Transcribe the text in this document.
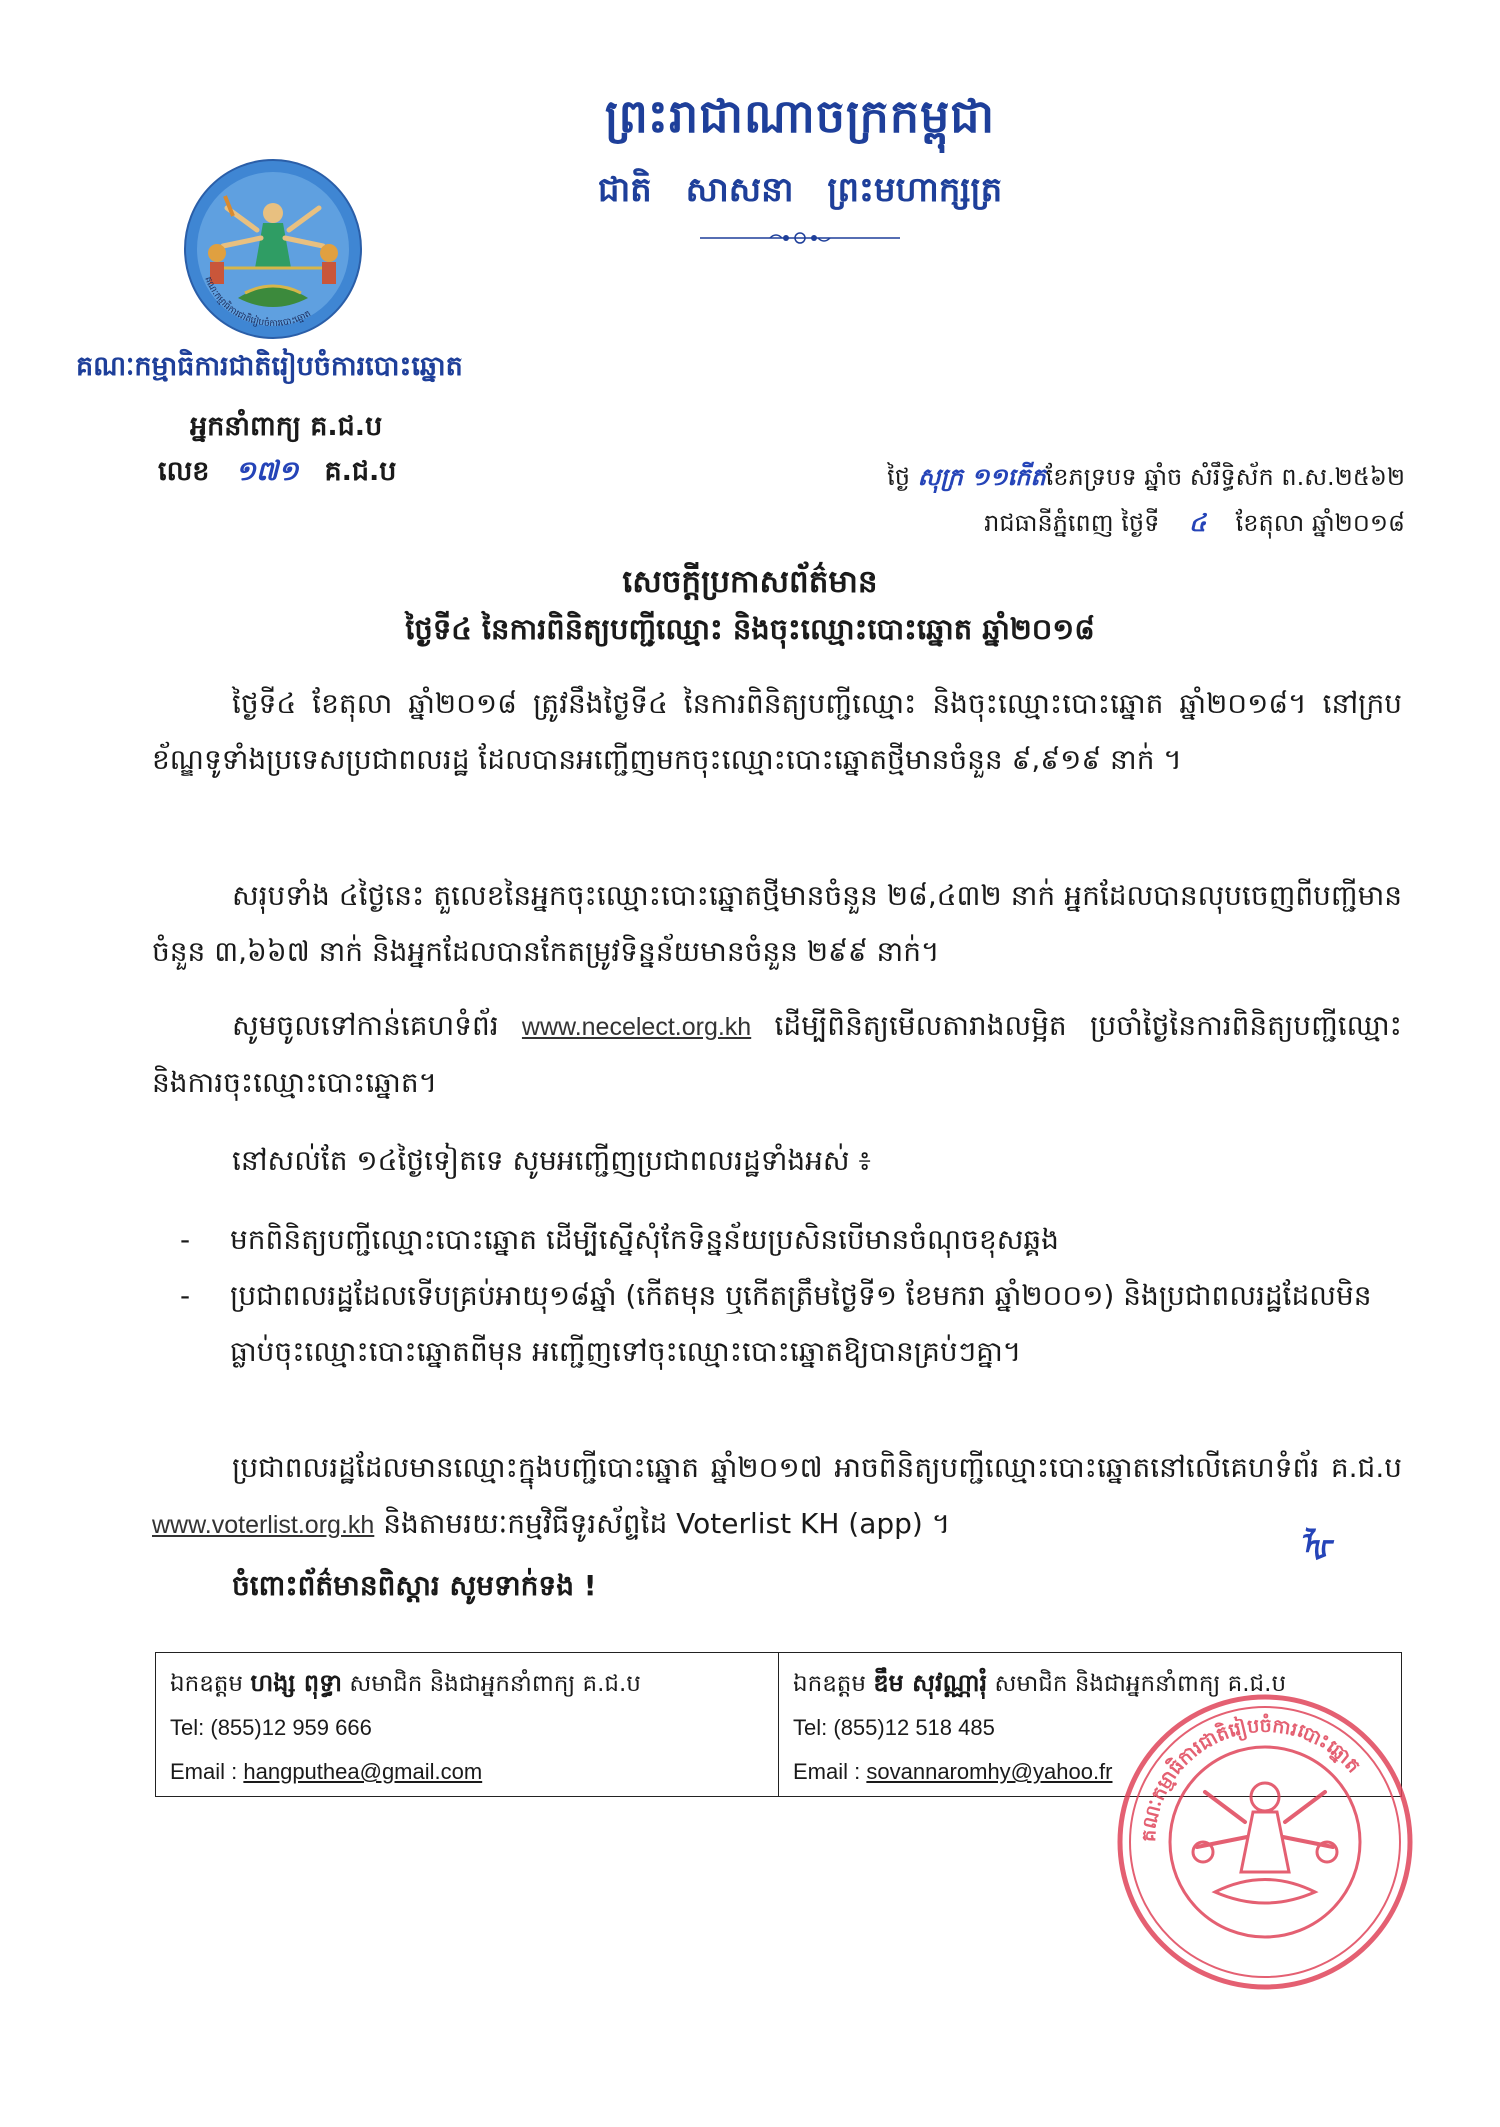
ព្រះរាជាណាចក្រកម្ពុជា
ជាតិ សាសនា ព្រះមហាក្សត្រ
គណៈកម្មាធិការជាតិរៀបចំការបោះឆ្នោត
គណៈកម្មាធិការជាតិរៀបចំការបោះឆ្នោត
អ្នកនាំពាក្យ គ.ជ.ប
លេខ ១៧១ គ.ជ.ប	ថ្ងៃ សុក្រ ១១កើតខែភទ្របទ ឆ្នាំច សំរឹទ្ធិស័ក ព.ស.២៥៦២
រាជធានីភ្នំពេញ ថ្ងៃទី ៤ ខែតុលា ឆ្នាំ២០១៨
សេចក្តីប្រកាសព័ត៌មាន
ថ្ងៃទី៤ នៃការពិនិត្យបញ្ជីឈ្មោះ និងចុះឈ្មោះបោះឆ្នោត ឆ្នាំ២០១៨

ថ្ងៃទី៤ ខែតុលា ឆ្នាំ២០១៨ ត្រូវនឹងថ្ងៃទី៤ នៃការពិនិត្យបញ្ជីឈ្មោះ និងចុះឈ្មោះបោះឆ្នោត ឆ្នាំ២០១៨។ នៅក្របខ័ណ្ឌទូទាំងប្រទេសប្រជាពលរដ្ឋ ដែលបានអញ្ជើញមកចុះឈ្មោះបោះឆ្នោតថ្មីមានចំនួន ៩,៩១៩ នាក់ ។

សរុបទាំង ៤ថ្ងៃនេះ តួលេខនៃអ្នកចុះឈ្មោះបោះឆ្នោតថ្មីមានចំនួន ២៨,៤៣២ នាក់ អ្នកដែលបានលុបចេញពីបញ្ជីមានចំនួន ៣,៦៦៧ នាក់ និងអ្នកដែលបានកែតម្រូវទិន្នន័យមានចំនួន ២៩៩ នាក់។

សូមចូលទៅកាន់គេហទំព័រ www.necelect.org.kh ដើម្បីពិនិត្យមើលតារាងលម្អិត ប្រចាំថ្ងៃនៃការពិនិត្យបញ្ជីឈ្មោះ និងការចុះឈ្មោះបោះឆ្នោត។

នៅសល់តែ ១៤ថ្ងៃទៀតទេ សូមអញ្ជើញប្រជាពលរដ្ឋទាំងអស់ ៖

- មកពិនិត្យបញ្ជីឈ្មោះបោះឆ្នោត ដើម្បីស្នើសុំកែទិន្នន័យប្រសិនបើមានចំណុចខុសឆ្គង
- ប្រជាពលរដ្ឋដែលទើបគ្រប់អាយុ១៨ឆ្នាំ (កើតមុន ឬកើតត្រឹមថ្ងៃទី១ ខែមករា ឆ្នាំ២០០១) និងប្រជាពលរដ្ឋដែលមិនធ្លាប់ចុះឈ្មោះបោះឆ្នោតពីមុន អញ្ជើញទៅចុះឈ្មោះបោះឆ្នោតឱ្យបានគ្រប់ៗគ្នា។

ប្រជាពលរដ្ឋដែលមានឈ្មោះក្នុងបញ្ជីបោះឆ្នោត ឆ្នាំ២០១៧ អាចពិនិត្យបញ្ជីឈ្មោះបោះឆ្នោតនៅលើគេហទំព័រ គ.ជ.ប www.voterlist.org.kh និងតាមរយៈកម្មវិធីទូរស័ព្ទដៃ Voterlist KH (app) ។

ᡀ
ចំពោះព័ត៌មានពិស្តារ សូមទាក់ទង !
ឯកឧត្តម ហង្ស ពុទ្ធា សមាជិក និងជាអ្នកនាំពាក្យ គ.ជ.ប
Tel: (855)12 959 666
Email : hangputhea@gmail.com
ឯកឧត្តម ឌឹម សុវណ្ណារុំ សមាជិក និងជាអ្នកនាំពាក្យ គ.ជ.ប
Tel: (855)12 518 485
Email : sovannaromhy@yahoo.fr
គណៈកម្មាធិការជាតិរៀបចំការបោះឆ្នោត
